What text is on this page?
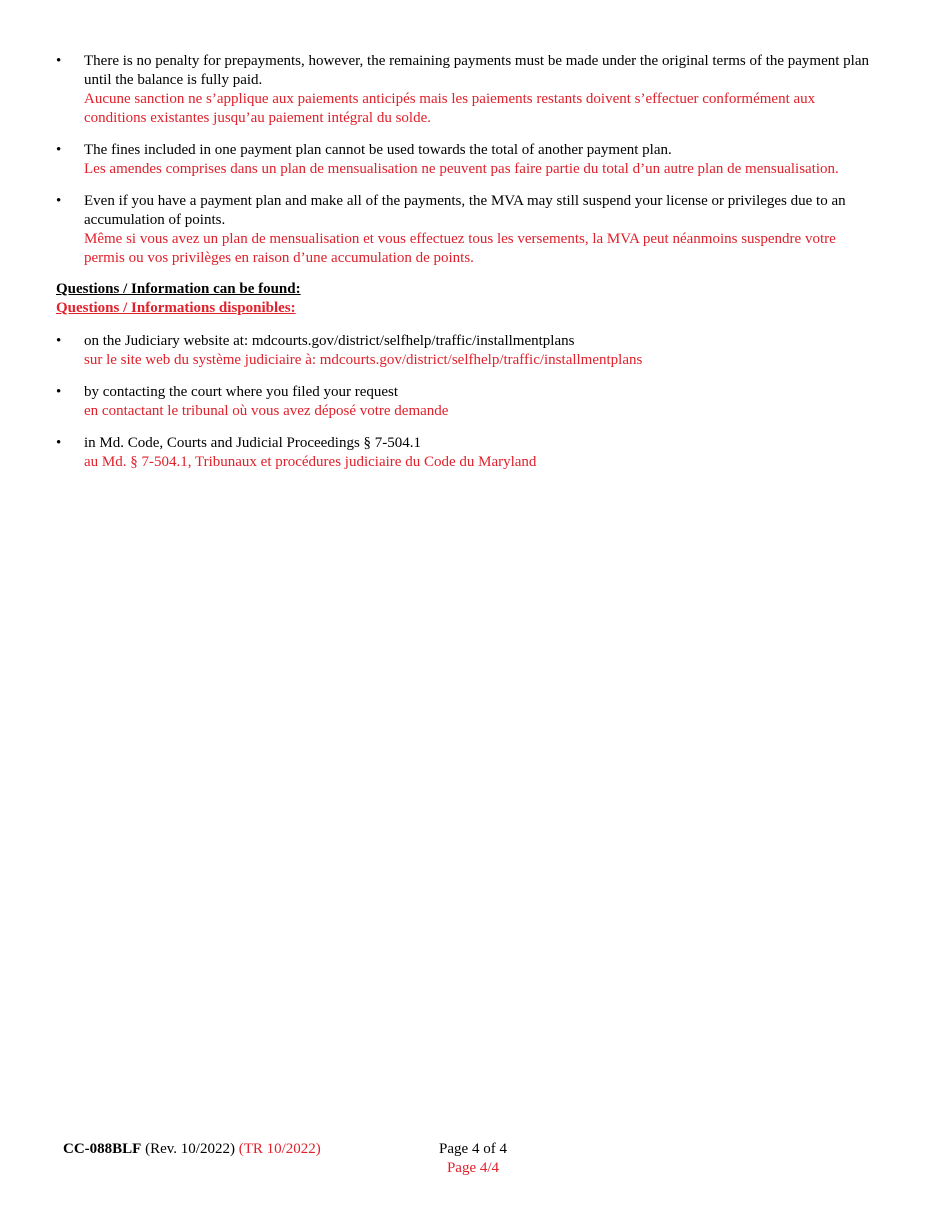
•	There is no penalty for prepayments, however, the remaining payments must be made under the original terms of the payment plan until the balance is fully paid.
Aucune sanction ne s’applique aux paiements anticipés mais les paiements restants doivent s’effectuer conformément aux conditions existantes jusqu’au paiement intégral du solde.
•	The fines included in one payment plan cannot be used towards the total of another payment plan.
Les amendes comprises dans un plan de mensualisation ne peuvent pas faire partie du total d’un autre plan de mensualisation.
•	Even if you have a payment plan and make all of the payments, the MVA may still suspend your license or privileges due to an accumulation of points.
Même si vous avez un plan de mensualisation et vous effectuez tous les versements, la MVA peut néanmoins suspendre votre permis ou vos privilèges en raison d’une accumulation de points.
Questions / Information can be found:
Questions / Informations disponibles:
•	on the Judiciary website at: mdcourts.gov/district/selfhelp/traffic/installmentplans
sur le site web du système judiciaire à: mdcourts.gov/district/selfhelp/traffic/installmentplans
•	by contacting the court where you filed your request
en contactant le tribunal où vous avez déposé votre demande
•	in Md. Code, Courts and Judicial Proceedings § 7-504.1
au Md. § 7-504.1, Tribunaux et procédures judiciaire du Code du Maryland
CC-088BLF (Rev. 10/2022) (TR 10/2022)	Page 4 of 4
Page 4/4
